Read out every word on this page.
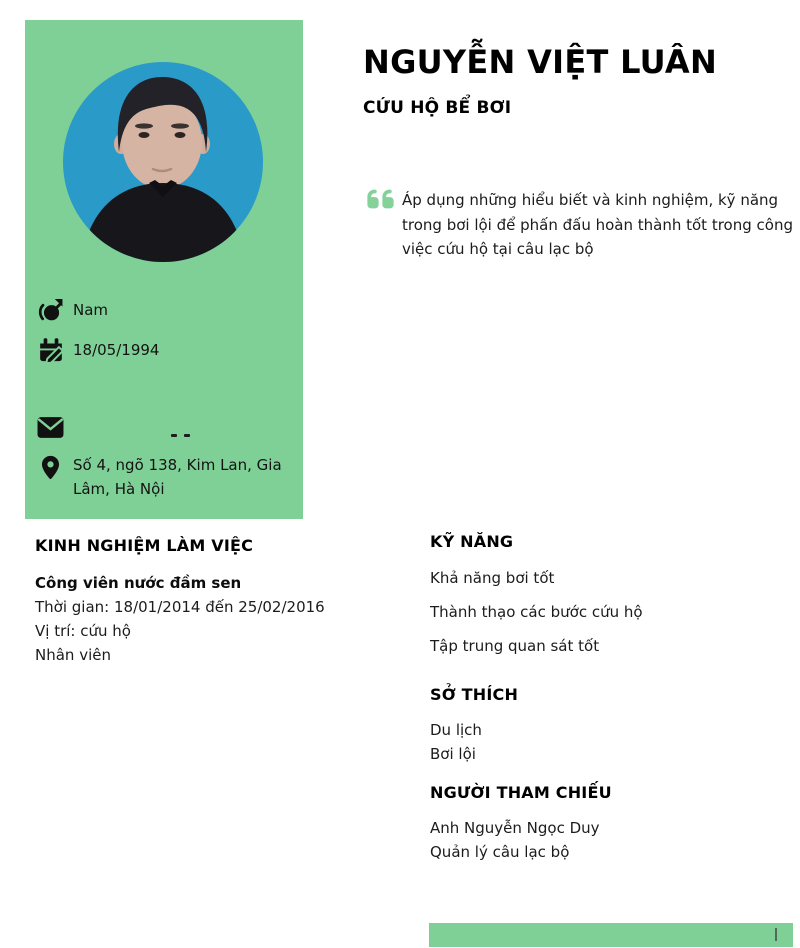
Nam
18/05/1994
Số 4, ngõ 138, Kim Lan, Gia Lâm, Hà Nội
NGUYỄN VIỆT LUÂN
CỨU HỘ BỂ BƠI
Áp dụng những hiểu biết và kinh nghiệm, kỹ năng trong bơi lội để phấn đấu hoàn thành tốt trong công việc cứu hộ tại câu lạc bộ
KINH NGHIỆM LÀM VIỆC
Công viên nước đầm sen
Thời gian: 18/01/2014 đến 25/02/2016
Vị trí: cứu hộ
Nhân viên
KỸ NĂNG
Khả năng bơi tốt
Thành thạo các bước cứu hộ
Tập trung quan sát tốt
SỞ THÍCH
Du lịch
Bơi lội
NGƯỜI THAM CHIẾU
Anh Nguyễn Ngọc Duy
Quản lý câu lạc bộ
